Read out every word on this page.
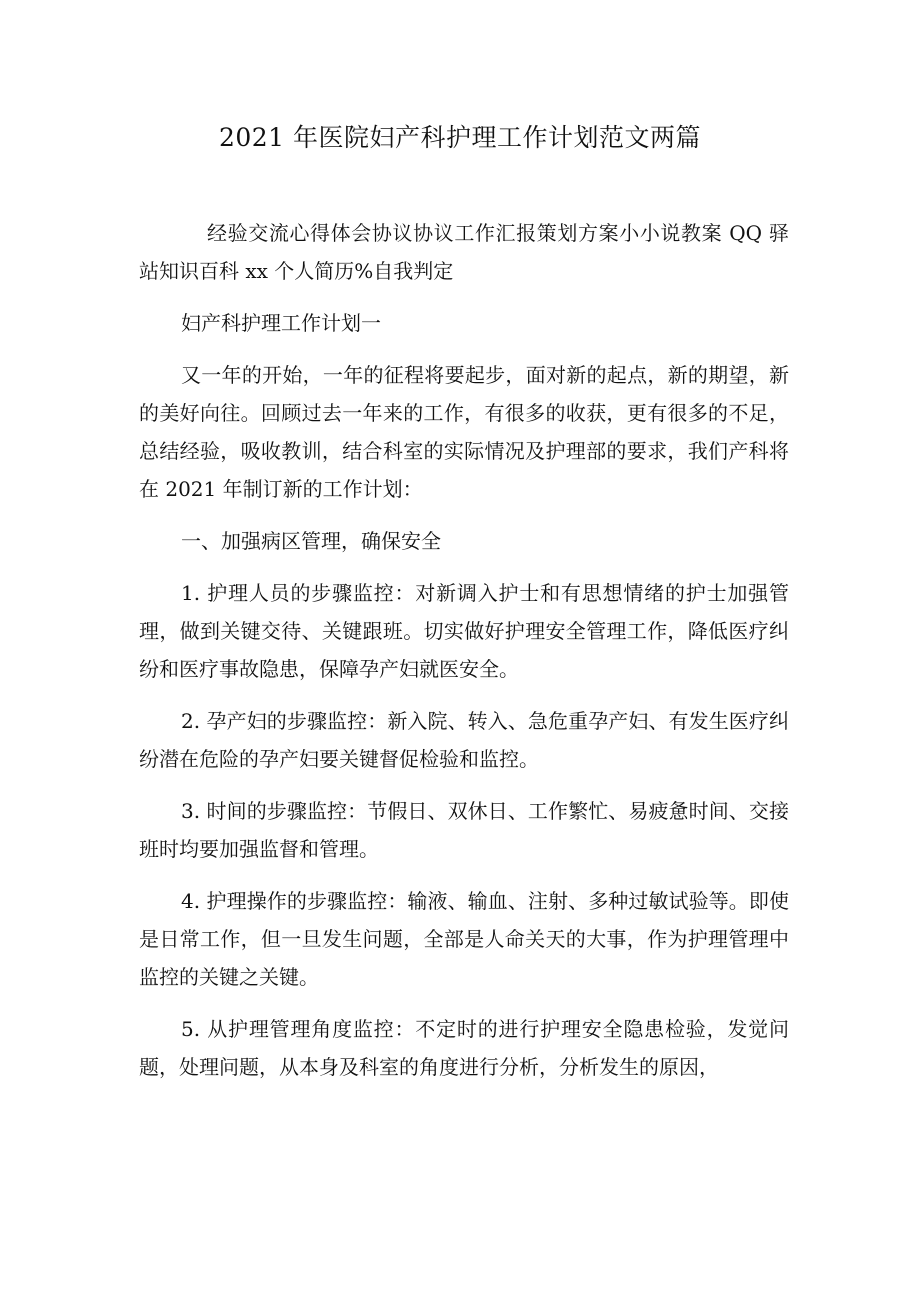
2021 年医院妇产科护理工作计划范文两篇

经验交流心得体会协议协议工作汇报策划方案小小说教案 QQ 驿站知识百科 xx 个人简历%自我判定

妇产科护理工作计划一

又一年的开始，一年的征程将要起步，面对新的起点，新的期望，新的美好向往。回顾过去一年来的工作，有很多的收获，更有很多的不足，总结经验，吸收教训，结合科室的实际情况及护理部的要求，我们产科将在 2021 年制订新的工作计划：

一、加强病区管理，确保安全

1. 护理人员的步骤监控：对新调入护士和有思想情绪的护士加强管理，做到关键交待、关键跟班。切实做好护理安全管理工作，降低医疗纠纷和医疗事故隐患，保障孕产妇就医安全。

2. 孕产妇的步骤监控：新入院、转入、急危重孕产妇、有发生医疗纠纷潜在危险的孕产妇要关键督促检验和监控。

3. 时间的步骤监控：节假日、双休日、工作繁忙、易疲惫时间、交接班时均要加强监督和管理。

4. 护理操作的步骤监控：输液、输血、注射、多种过敏试验等。即使是日常工作，但一旦发生问题，全部是人命关天的大事，作为护理管理中监控的关键之关键。

5. 从护理管理角度监控：不定时的进行护理安全隐患检验，发觉问题，处理问题，从本身及科室的角度进行分析，分析发生的原因，
